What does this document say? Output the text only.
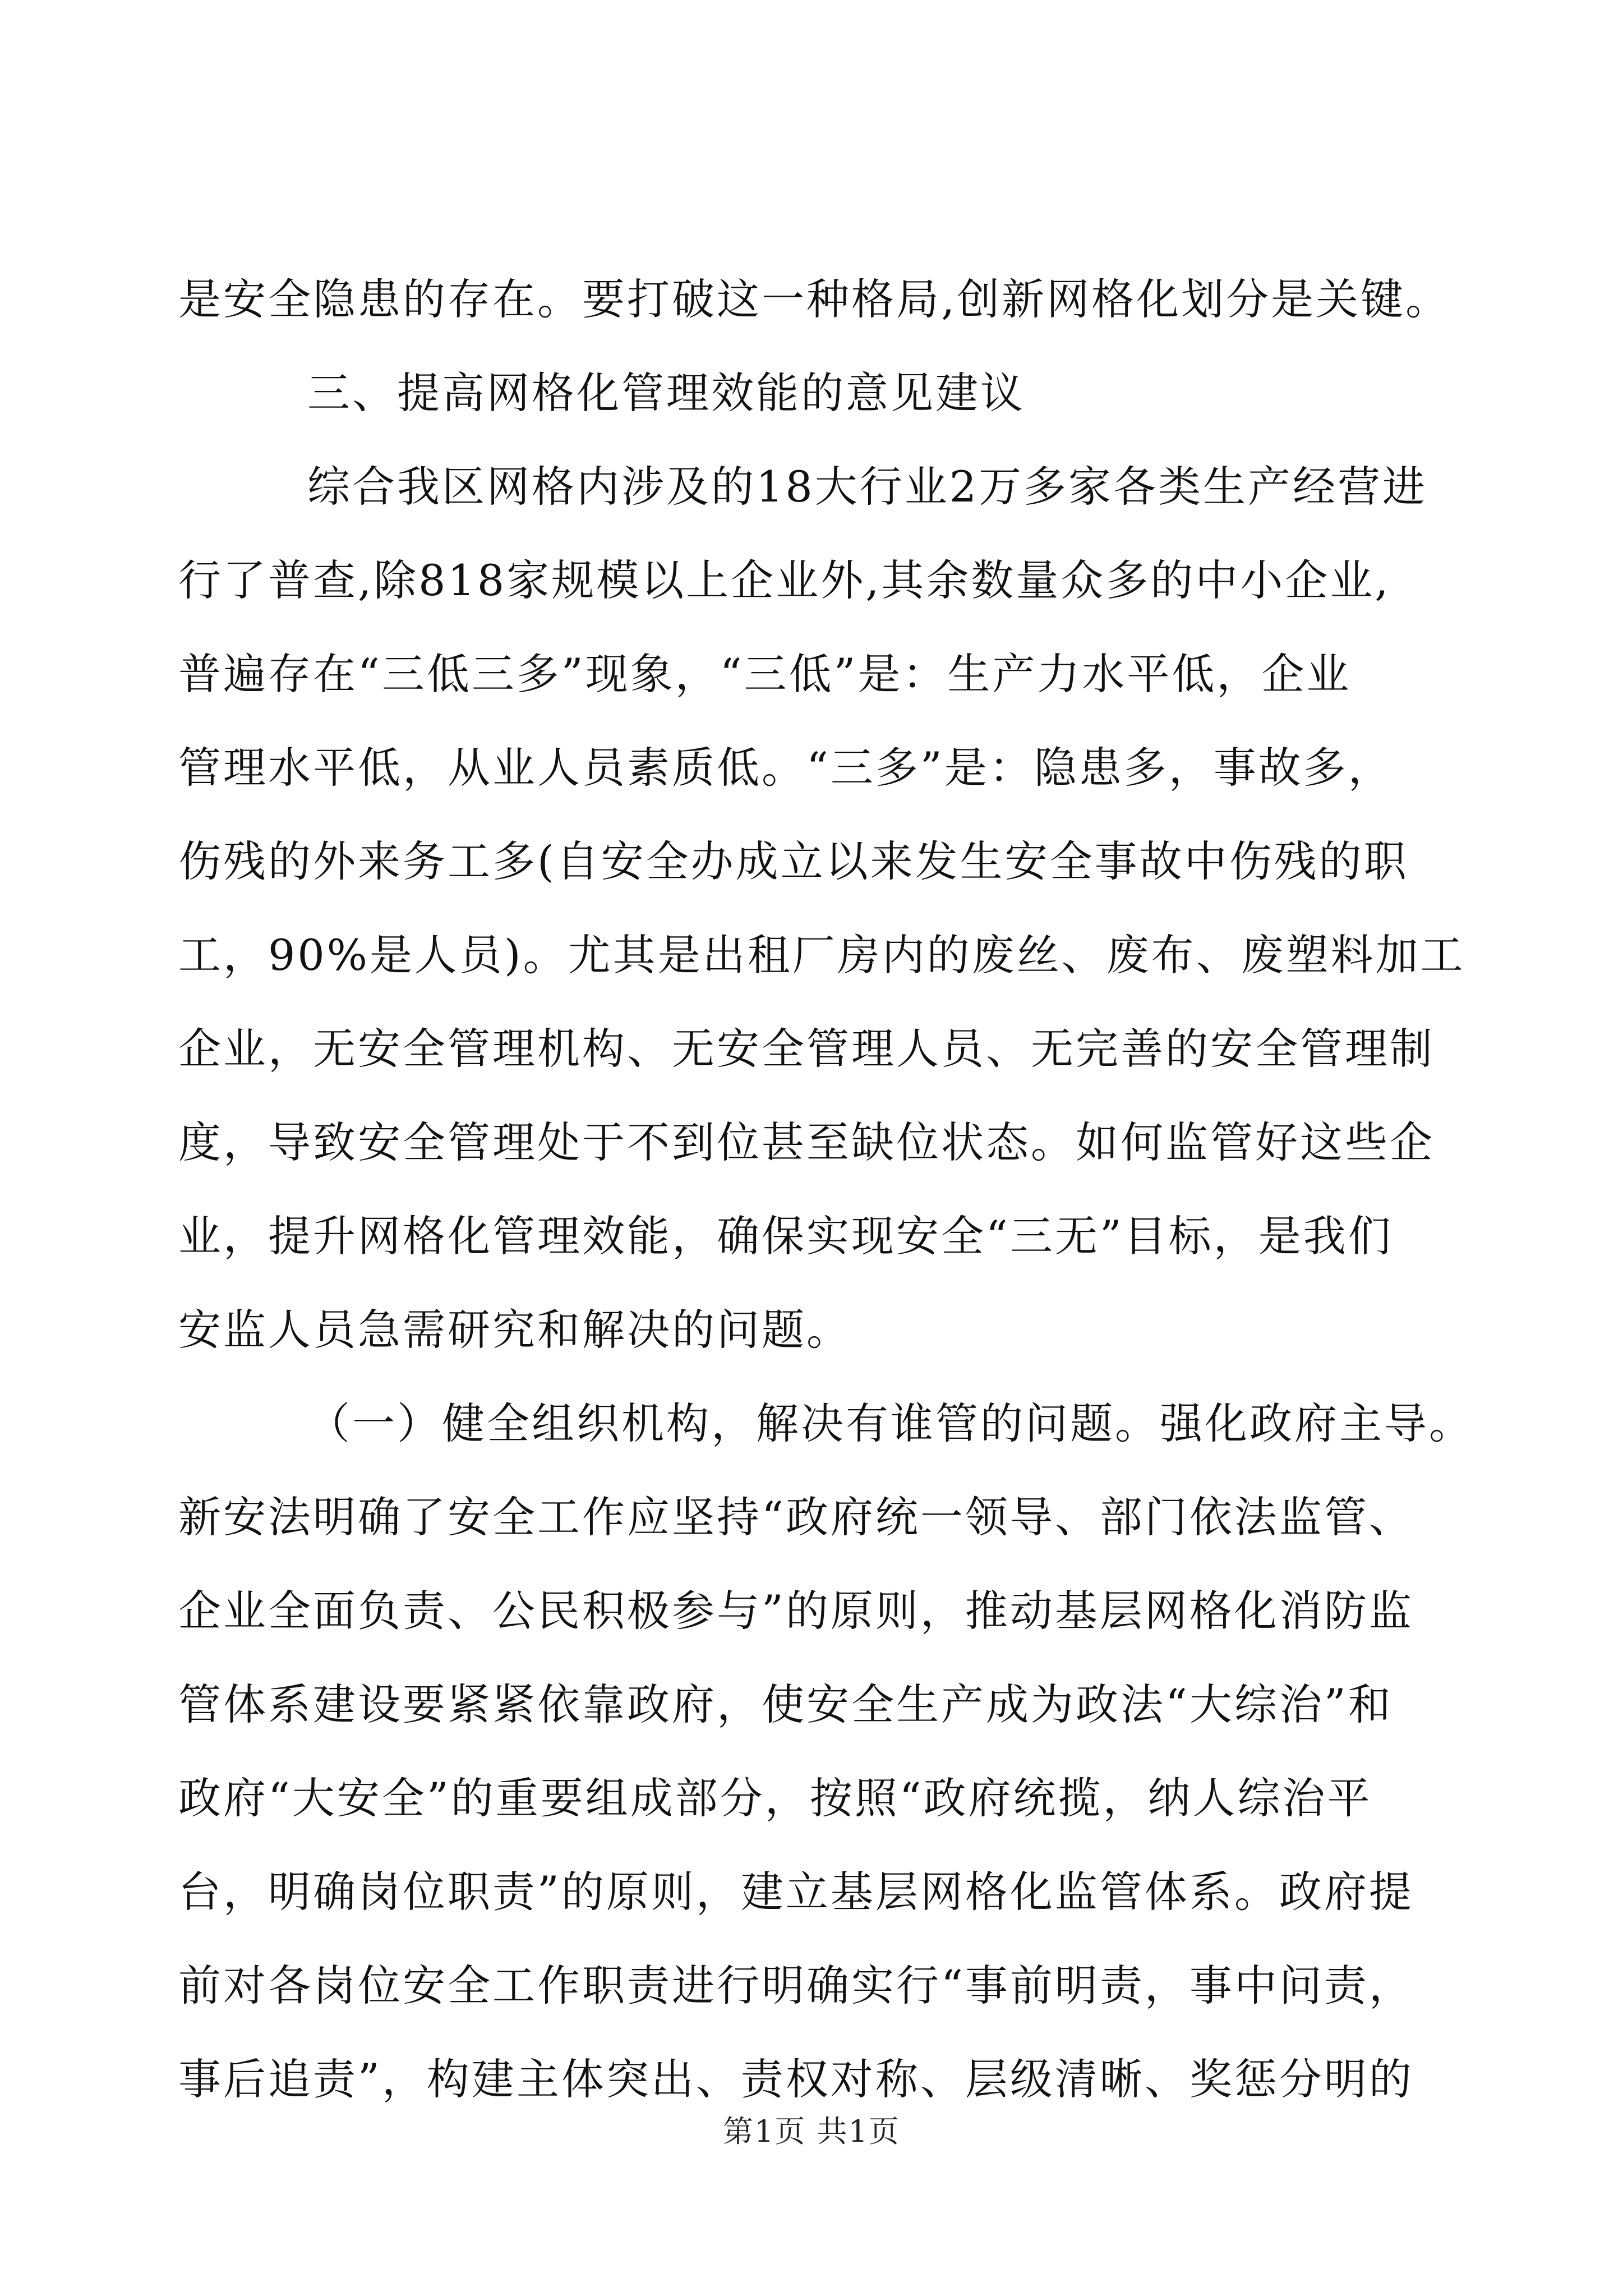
是安全隐患的存在。要打破这一种格局,创新网格化划分是关键。
三、提高网格化管理效能的意见建议
综合我区网格内涉及的18大行业2万多家各类生产经营进
行了普查,除818家规模以上企业外,其余数量众多的中小企业,
普遍存在“三低三多”现象，“三低”是：生产力水平低，企业
管理水平低，从业人员素质低。“三多”是：隐患多，事故多，
伤残的外来务工多(自安全办成立以来发生安全事故中伤残的职
工，90%是人员)。尤其是出租厂房内的废丝、废布、废塑料加工
企业，无安全管理机构、无安全管理人员、无完善的安全管理制
度，导致安全管理处于不到位甚至缺位状态。如何监管好这些企
业，提升网格化管理效能，确保实现安全“三无”目标，是我们
安监人员急需研究和解决的问题。
（一）健全组织机构，解决有谁管的问题。强化政府主导。
新安法明确了安全工作应坚持“政府统一领导、部门依法监管、
企业全面负责、公民积极参与”的原则，推动基层网格化消防监
管体系建设要紧紧依靠政府，使安全生产成为政法“大综治”和
政府“大安全”的重要组成部分，按照“政府统揽，纳人综治平
台，明确岗位职责”的原则，建立基层网格化监管体系。政府提
前对各岗位安全工作职责进行明确实行“事前明责，事中问责，
事后追责”，构建主体突出、责权对称、层级清晰、奖惩分明的
第1页 共1页
